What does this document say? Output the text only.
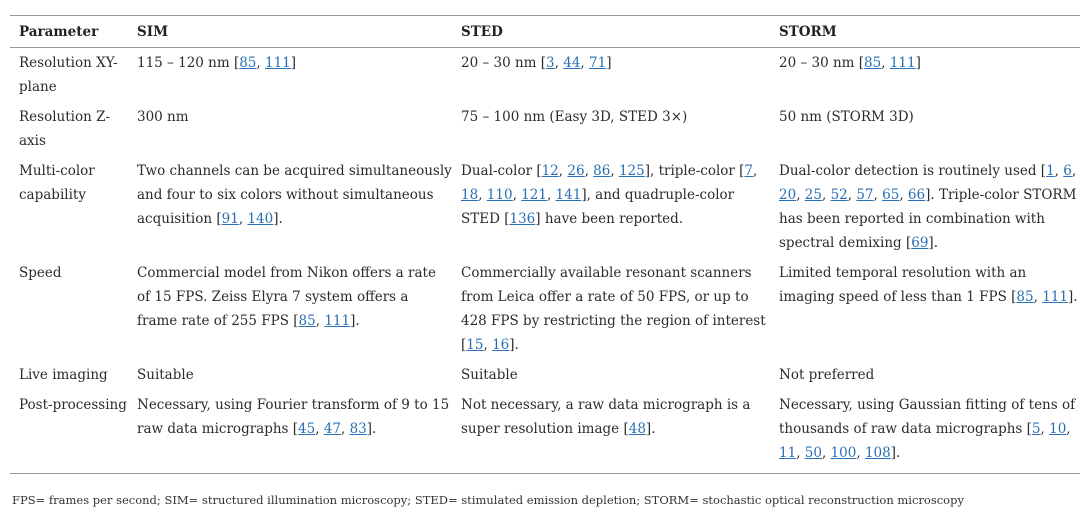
Parameter	SIM	STED	STORM
Resolution XY-plane	115 – 120 nm [85, 111]	20 – 30 nm [3, 44, 71]	20 – 30 nm [85, 111]
Resolution Z-axis	300 nm	75 – 100 nm (Easy 3D, STED 3×)	50 nm (STORM 3D)
Multi-color capability	Two channels can be acquired simultaneously and four to six colors without simultaneous acquisition [91, 140].	Dual-color [12, 26, 86, 125], triple-color [7, 18, 110, 121, 141], and quadruple-color STED [136] have been reported.	Dual-color detection is routinely used [1, 6, 20, 25, 52, 57, 65, 66]. Triple-color STORM has been reported in combination with spectral demixing [69].
Speed	Commercial model from Nikon offers a rate of 15 FPS. Zeiss Elyra 7 system offers a frame rate of 255 FPS [85, 111].	Commercially available resonant scanners from Leica offer a rate of 50 FPS, or up to 428 FPS by restricting the region of interest [15, 16].	Limited temporal resolution with an imaging speed of less than 1 FPS [85, 111].
Live imaging	Suitable	Suitable	Not preferred
Post-processing	Necessary, using Fourier transform of 9 to 15 raw data micrographs [45, 47, 83].	Not necessary, a raw data micrograph is a super resolution image [48].	Necessary, using Gaussian fitting of tens of thousands of raw data micrographs [5, 10, 11, 50, 100, 108].
FPS= frames per second; SIM= structured illumination microscopy; STED= stimulated emission depletion; STORM= stochastic optical reconstruction microscopy
